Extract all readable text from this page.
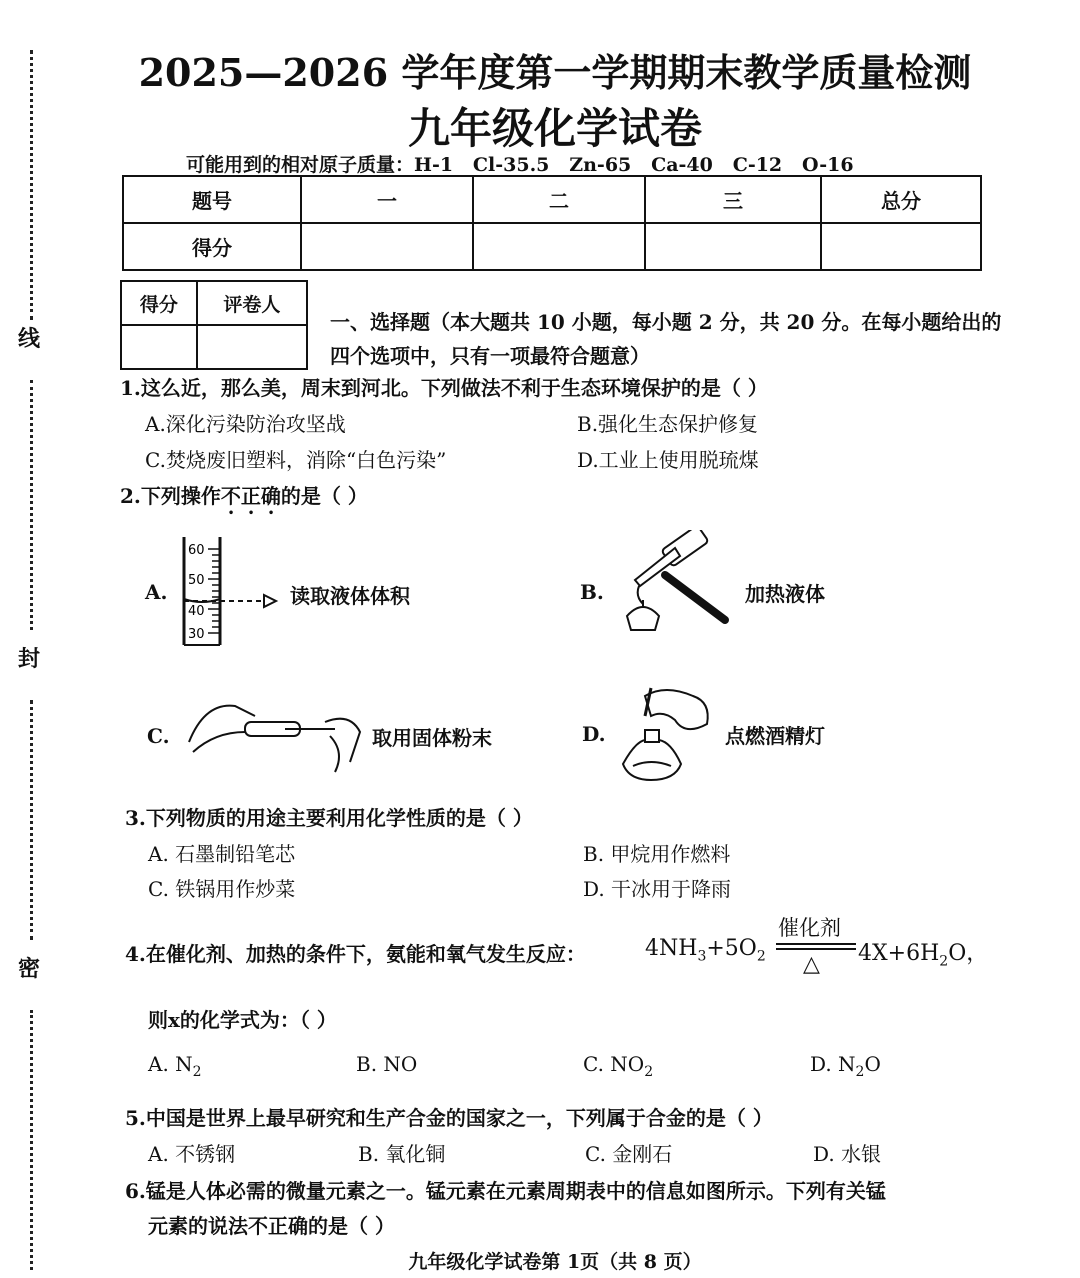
线
封
密
2025—2026 学年度第一学期期末教学质量检测
九年级化学试卷
可能用到的相对原子质量：H-1   Cl-35.5   Zn-65   Ca-40   C-12   O-16
题号	一	二	三	总分
得分				
得分	评卷人

一、选择题（本大题共 10 小题，每小题 2 分，共 20 分。在每小题给出的四个选项中，只有一项最符合题意）
1.这么近，那么美，周末到河北。下列做法不利于生态环境保护的是（ ）
A.深化污染防治攻坚战	B.强化生态保护修复
C.焚烧废旧塑料，消除“白色污染”	D.工业上使用脱琉煤
2.下列操作不正确的是（ ）
A.
60
50
40
30
读取液体体积	B.	加热液体
C.	取用固体粉末	D.	点燃酒精灯
3.下列物质的用途主要利用化学性质的是（ ）
A. 石墨制铅笔芯	B. 甲烷用作燃料
C. 铁锅用作炒菜	D. 干冰用于降雨
4.在催化剂、加热的条件下，氨能和氧气发生反应：	$4NH_3+5O_2$
催化剂
△ $4X+6H_2O$，
则x的化学式为：（ ）
A. $N_2$	B. NO	C. $NO_2$	D. $N_2O$
5.中国是世界上最早研究和生产合金的国家之一，下列属于合金的是（ ）
A. 不锈钢	B. 氧化铜	C. 金刚石	D. 水银
6.锰是人体必需的微量元素之一。锰元素在元素周期表中的信息如图所示。下列有关锰
元素的说法不正确的是（ ）
九年级化学试卷第 1页（共 8 页）
